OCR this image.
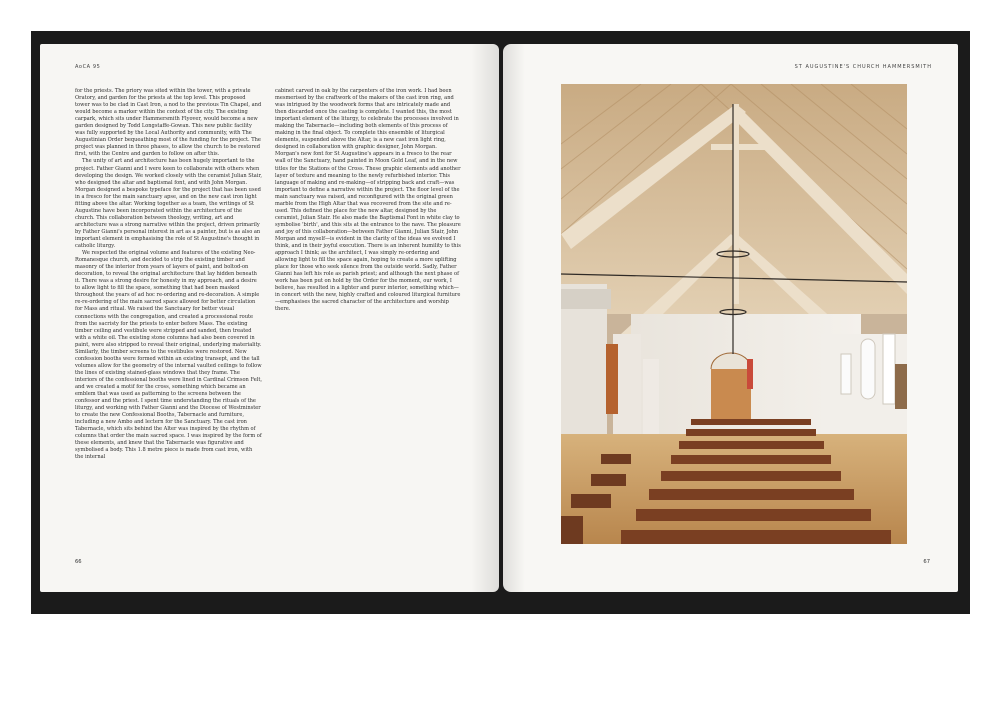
AoCA 95

for the priests. The priory was sited within the tower, with a private Oratory, and garden for the priests at the top level. This proposed tower was to be clad in Cast Iron, a nod to the previous Tin Chapel, and would become a marker within the context of the city. The existing carpark, which sits under Hammersmith Flyover, would become a new garden designed by Todd Longstaffe-Gowan. This new public facility was fully supported by the Local Authority and community, with The Augustinian Order bequeathing most of the funding for the project. The project was planned in three phases, to allow the church to be restored first, with the Centre and garden to follow on after this.

The unity of art and architecture has been hugely important to the project. Father Gianni and I were keen to collaborate with others when developing the design. We worked closely with the ceramist Julian Stair, who designed the altar and baptismal font, and with John Morgan. Morgan designed a bespoke typeface for the project that has been used in a fresco for the main sanctuary apse, and on the new cast iron light fitting above the altar. Working together as a team, the writings of St Augustine have been incorporated within the architecture of the church. This collaboration between theology, writing, art and architecture was a strong narrative within the project, driven primarily by Father Gianni's personal interest in art as a painter, but is as also an important element in emphasising the role of St Augustine's thought in catholic liturgy.

We respected the original volume and features of the existing Neo-Romanesque church, and decided to strip the existing timber and masonry of the interior from years of layers of paint, and boltod-on decoration, to reveal the original architecture that lay hidden beneath it. There was a strong desire for honesty in my approach, and a desire to allow light to fill the space, something that had been masked throughout the years of ad hoc re-ordering and re-decoration. A simple re-re-ordering of the main sacred space allowed for better circulation for Mass and ritual. We raised the Sanctuary for better visual connections with the congregation, and created a processional route from the sacristy for the priests to enter before Mass. The existing timber ceiling and vestibule were stripped and sanded, then treated with a white oil. The existing stone columns had also been covered in paint, were also stripped to reveal their original, underlying materiality. Similarly, the timber screens to the vestibules were restored. New confession booths were formed within an existing transept, and the tall volumes allow for the geometry of the internal vaulted ceilings to follow the lines of existing stained-glass windows that they frame. The interiors of the confessional booths were lined in Cardinal Crimson Felt, and we created a motif for the cross, something which became an emblem that was used as patterning to the screens between the confessor and the priest. I spent time understanding the rituals of the liturgy, and working with Father Gianni and the Diocese of Westminster to create the new Confessional Booths, Tabernacle and furniture, including a new Ambo and lectern for the Sanctuary. The cast iron Tabernacle, which sits behind the Alter was inspired by the rhythm of columns that order the main sacred space. I was inspired by the form of these elements, and knew that the Tabernacle was figurative and symbolised a body. This 1.8 metre piece is made from cast iron, with the internal

cabinet carved in oak by the carpenters of the iron work. I had been mesmerised by the craftwork of the makers of the cast iron ring, and was intrigued by the woodwork forms that are intricately made and then discarded once the casting is complete. I wanted this, the most important element of the liturgy, to celebrate the processes involved in making the Tabernacle—including both elements of this process of making in the final object. To complete this ensemble of liturgical elements, suspended above the Altar, is a new cast iron light ring, designed in collaboration with graphic designer, John Morgan. Morgan's new font for St Augustine's appears in a fresco to the rear wall of the Sanctuary, hand painted in Moon Gold Leaf, and in the new titles for the Stations of the Cross. These graphic elements add another layer of texture and meaning to the newly refurbished interior. This language of making and re-making—of stripping back and craft—was important to define a narrative within the project. The floor level of the main sanctuary was raised, and reconfigured with the original green marble from the High Altar that was recovered from the site and re-used. This defined the place for the new altar, designed by the ceramist, Julian Stair. He also made the Baptismal Font in white clay to symbolise 'birth', and this sits at the entrance to the nave. The pleasure and joy of this collaboration—between Father Gianni, Julian Stair, John Morgan and myself—is evident in the clarity of the ideas we evolved I think, and in their joyful execution. There is an inherent humility to this approach I think; as the architect, I was simply re-ordering and allowing light to fill the space again, hoping to create a more uplifting place for those who seek silence from the outside world. Sadly, Father Gianni has left his role as parish priest; and although the next phase of work has been put on hold by the Order for the moment, our work, I believe, has resulted in a lighter and purer interior, something which—in concert with the new, highly crafted and coloured liturgical furniture—emphasises the sacred character of the architecture and worship there.

66
ST AUGUSTINE'S CHURCH HAMMERSMITH
67
